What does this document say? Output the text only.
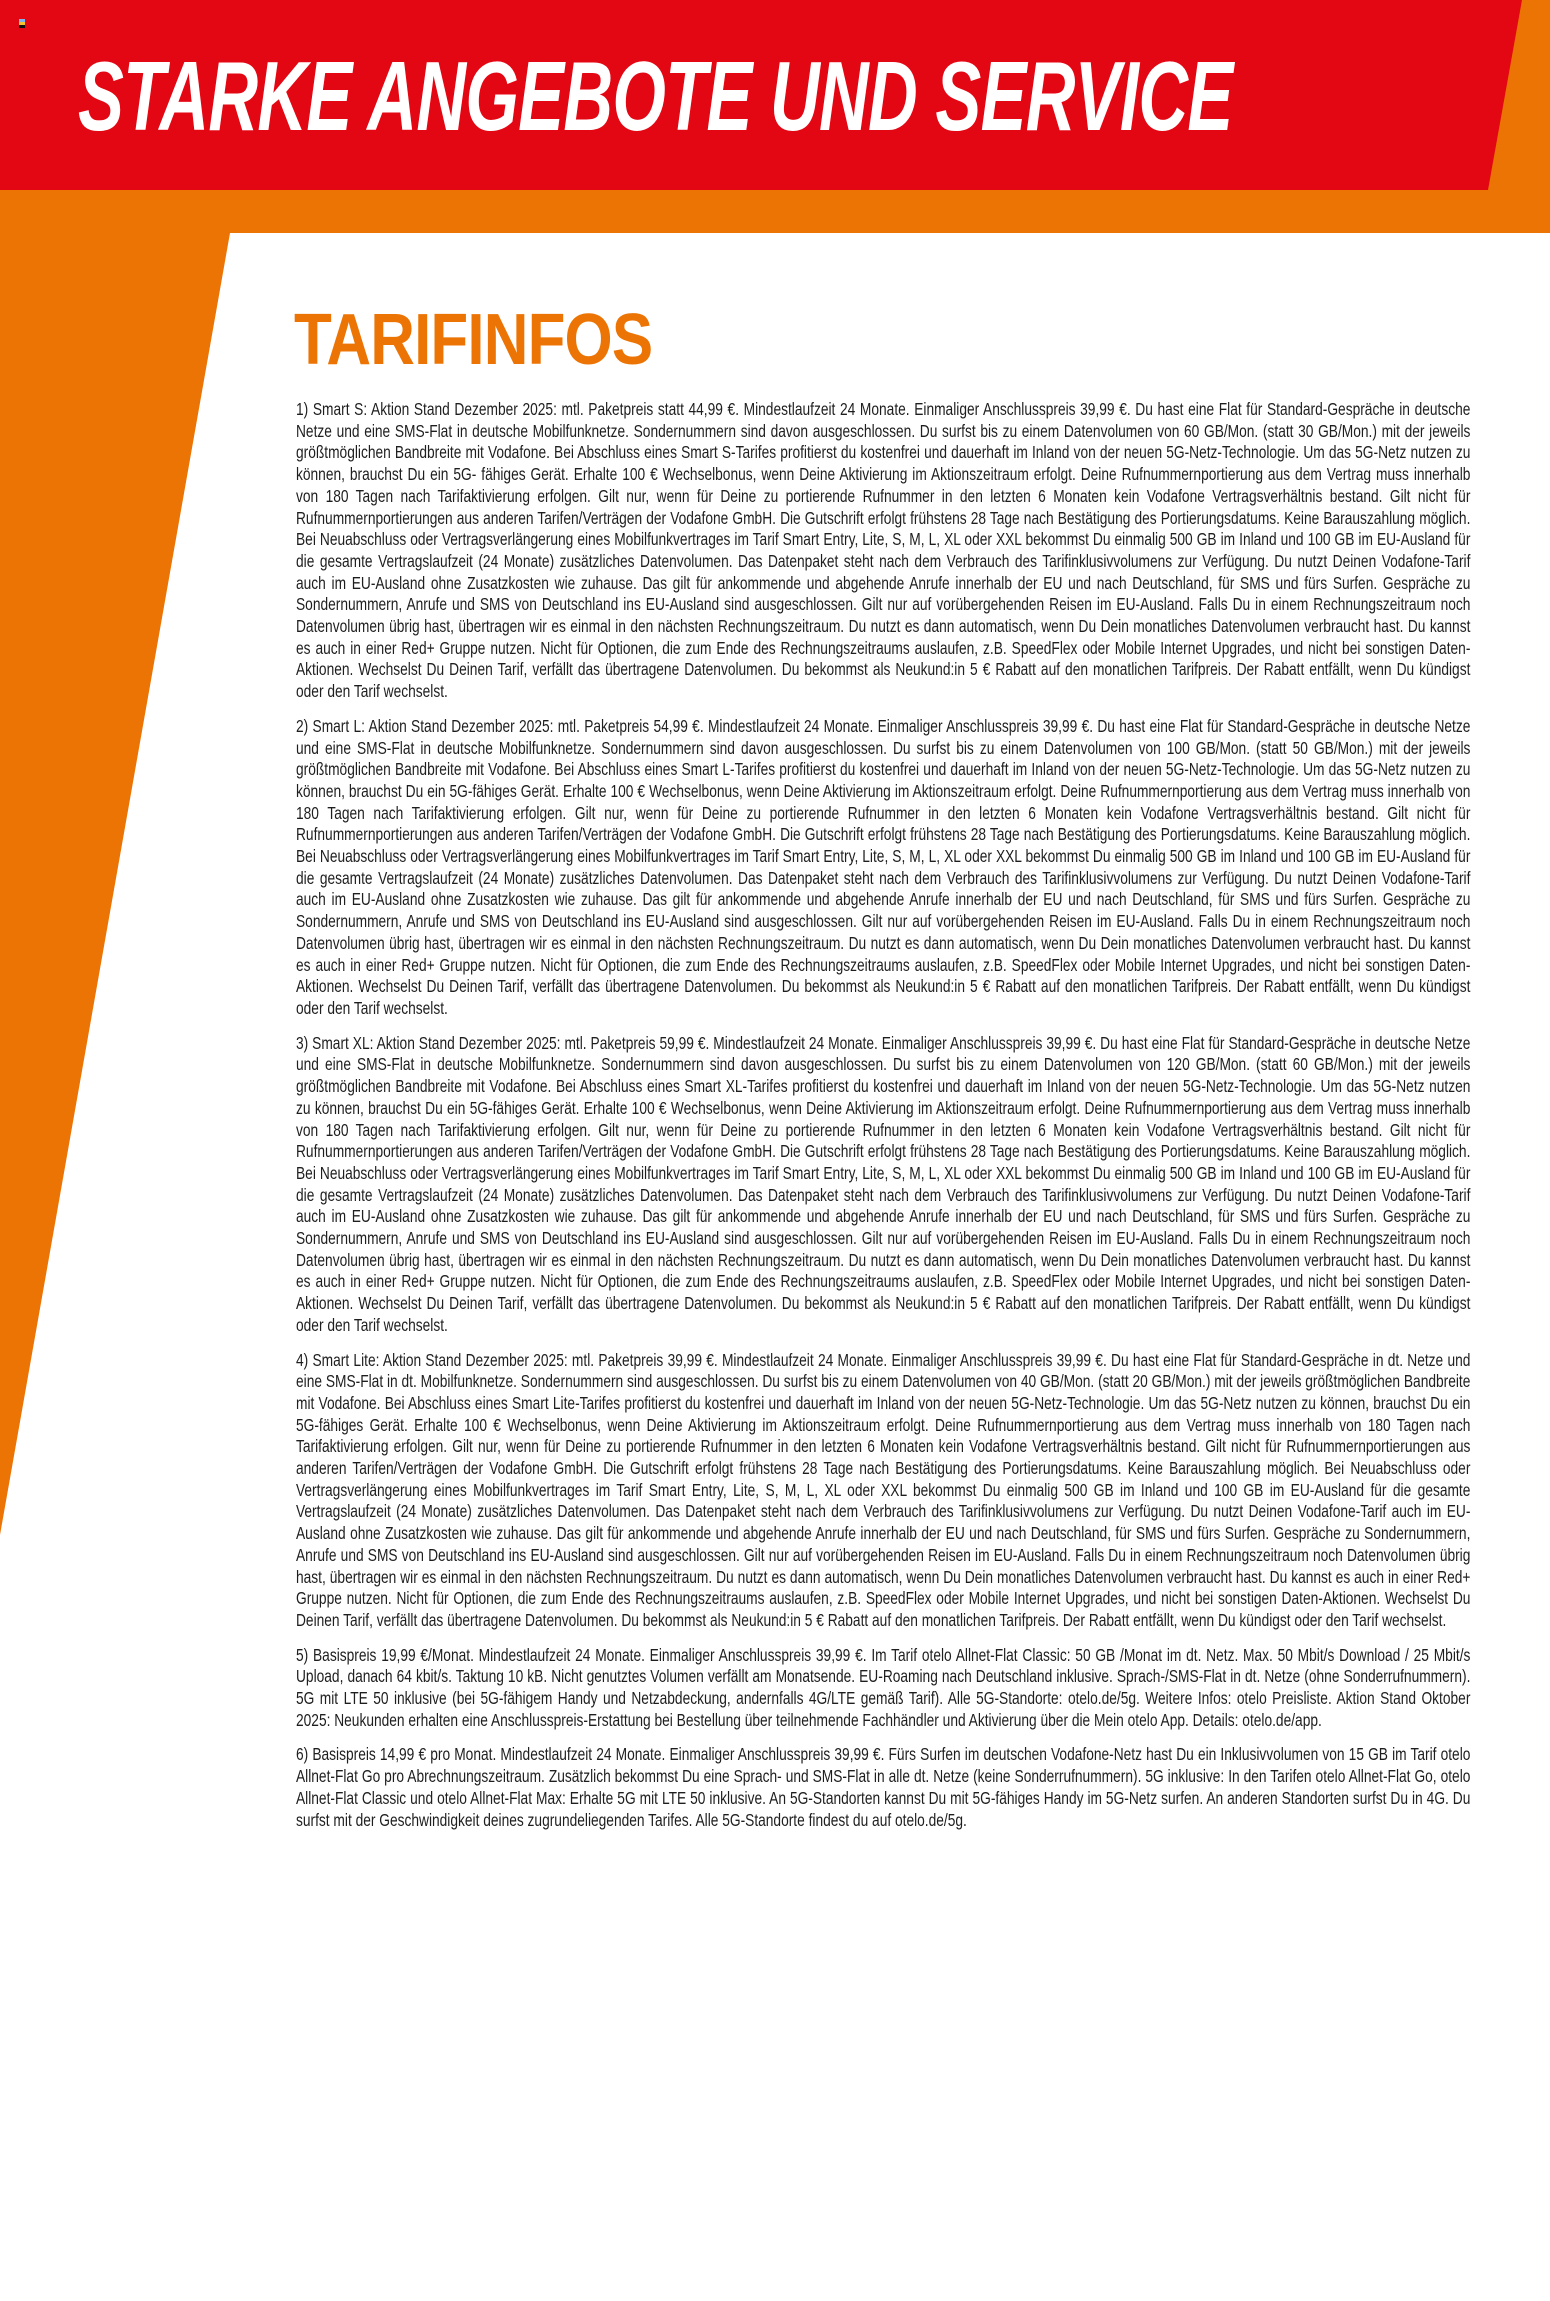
STARKE ANGEBOTE UND SERVICE
TARIFINFOS

1) Smart S: Aktion Stand Dezember 2025: mtl. Paketpreis statt 44,99 €. Mindestlaufzeit 24 Monate. Einmaliger Anschlusspreis 39,99 €. Du hast eine Flat für Standard-Gespräche in deutsche Netze und eine SMS-Flat in deutsche Mobilfunknetze. Sondernummern sind davon ausgeschlossen. Du surfst bis zu einem Datenvolumen von 60 GB/Mon. (statt 30 GB/Mon.) mit der jeweils größtmöglichen Bandbreite mit Vodafone. Bei Abschluss eines Smart S-Tarifes profitierst du kostenfrei und dauerhaft im Inland von der neuen 5G-Netz-Technologie. Um das 5G-Netz nutzen zu können, brauchst Du ein 5G- fähiges Gerät. Erhalte 100 € Wechselbonus, wenn Deine Aktivierung im Aktionszeitraum erfolgt. Deine Rufnummernportierung aus dem Vertrag muss innerhalb von 180 Tagen nach Tarifaktivierung erfolgen. Gilt nur, wenn für Deine zu portierende Rufnummer in den letzten 6 Monaten kein Vodafone Vertragsverhältnis bestand. Gilt nicht für Rufnummernportierungen aus anderen Tarifen/Verträgen der Vodafone GmbH. Die Gutschrift erfolgt frühstens 28 Tage nach Bestätigung des Portierungsdatums. Keine Barauszahlung möglich. Bei Neuabschluss oder Vertragsverlängerung eines Mobilfunkvertrages im Tarif Smart Entry, Lite, S, M, L, XL oder XXL bekommst Du einmalig 500 GB im Inland und 100 GB im EU-Ausland für die gesamte Vertragslaufzeit (24 Monate) zusätzliches Datenvolumen. Das Datenpaket steht nach dem Verbrauch des Tarifinklusivvolumens zur Verfügung. Du nutzt Deinen Vodafone-Tarif auch im EU-Ausland ohne Zusatzkosten wie zuhause. Das gilt für ankommende und abgehende Anrufe innerhalb der EU und nach Deutschland, für SMS und fürs Surfen. Gespräche zu Sondernummern, Anrufe und SMS von Deutschland ins EU-Ausland sind ausgeschlossen. Gilt nur auf vorübergehenden Reisen im EU-Ausland. Falls Du in einem Rechnungszeitraum noch Datenvolumen übrig hast, übertragen wir es einmal in den nächsten Rechnungszeitraum. Du nutzt es dann automatisch, wenn Du Dein monatliches Datenvolumen verbraucht hast. Du kannst es auch in einer Red+ Gruppe nutzen. Nicht für Optionen, die zum Ende des Rechnungszeitraums auslaufen, z.B. SpeedFlex oder Mobile Internet Upgrades, und nicht bei sonstigen Daten-Aktionen. Wechselst Du Deinen Tarif, verfällt das übertragene Datenvolumen. Du bekommst als Neukund:in 5 € Rabatt auf den monatlichen Tarifpreis. Der Rabatt entfällt, wenn Du kündigst oder den Tarif wechselst.

2) Smart L: Aktion Stand Dezember 2025: mtl. Paketpreis 54,99 €. Mindestlaufzeit 24 Monate. Einmaliger Anschlusspreis 39,99 €. Du hast eine Flat für Standard-Gespräche in deutsche Netze und eine SMS-Flat in deutsche Mobilfunknetze. Sondernummern sind davon ausgeschlossen. Du surfst bis zu einem Datenvolumen von 100 GB/Mon. (statt 50 GB/Mon.) mit der jeweils größtmöglichen Bandbreite mit Vodafone. Bei Abschluss eines Smart L-Tarifes profitierst du kostenfrei und dauerhaft im Inland von der neuen 5G-Netz-Technologie. Um das 5G-Netz nutzen zu können, brauchst Du ein 5G-fähiges Gerät. Erhalte 100 € Wechselbonus, wenn Deine Aktivierung im Aktionszeitraum erfolgt. Deine Rufnummernportierung aus dem Vertrag muss innerhalb von 180 Tagen nach Tarifaktivierung erfolgen. Gilt nur, wenn für Deine zu portierende Rufnummer in den letzten 6 Monaten kein Vodafone Vertragsverhältnis bestand. Gilt nicht für Rufnummernportierungen aus anderen Tarifen/Verträgen der Vodafone GmbH. Die Gutschrift erfolgt frühstens 28 Tage nach Bestätigung des Portierungsdatums. Keine Barauszahlung möglich. Bei Neuabschluss oder Vertragsverlängerung eines Mobilfunkvertrages im Tarif Smart Entry, Lite, S, M, L, XL oder XXL bekommst Du einmalig 500 GB im Inland und 100 GB im EU-Ausland für die gesamte Vertragslaufzeit (24 Monate) zusätzliches Datenvolumen. Das Datenpaket steht nach dem Verbrauch des Tarifinklusivvolumens zur Verfügung. Du nutzt Deinen Vodafone-Tarif auch im EU-Ausland ohne Zusatzkosten wie zuhause. Das gilt für ankommende und abgehende Anrufe innerhalb der EU und nach Deutschland, für SMS und fürs Surfen. Gespräche zu Sondernummern, Anrufe und SMS von Deutschland ins EU-Ausland sind ausgeschlossen. Gilt nur auf vorübergehenden Reisen im EU-Ausland. Falls Du in einem Rechnungszeitraum noch Datenvolumen übrig hast, übertragen wir es einmal in den nächsten Rechnungszeitraum. Du nutzt es dann automatisch, wenn Du Dein monatliches Datenvolumen verbraucht hast. Du kannst es auch in einer Red+ Gruppe nutzen. Nicht für Optionen, die zum Ende des Rechnungszeitraums auslaufen, z.B. SpeedFlex oder Mobile Internet Upgrades, und nicht bei sonstigen Daten-Aktionen. Wechselst Du Deinen Tarif, verfällt das übertragene Datenvolumen. Du bekommst als Neukund:in 5 € Rabatt auf den monatlichen Tarifpreis. Der Rabatt entfällt, wenn Du kündigst oder den Tarif wechselst.

3) Smart XL: Aktion Stand Dezember 2025: mtl. Paketpreis 59,99 €. Mindestlaufzeit 24 Monate. Einmaliger Anschlusspreis 39,99 €. Du hast eine Flat für Standard-Gespräche in deutsche Netze und eine SMS-Flat in deutsche Mobilfunknetze. Sondernummern sind davon ausgeschlossen. Du surfst bis zu einem Datenvolumen von 120 GB/Mon. (statt 60 GB/Mon.) mit der jeweils größtmöglichen Bandbreite mit Vodafone. Bei Abschluss eines Smart XL-Tarifes profitierst du kostenfrei und dauerhaft im Inland von der neuen 5G-Netz-Technologie. Um das 5G-Netz nutzen zu können, brauchst Du ein 5G-fähiges Gerät. Erhalte 100 € Wechselbonus, wenn Deine Aktivierung im Aktionszeitraum erfolgt. Deine Rufnummernportierung aus dem Vertrag muss innerhalb von 180 Tagen nach Tarifaktivierung erfolgen. Gilt nur, wenn für Deine zu portierende Rufnummer in den letzten 6 Monaten kein Vodafone Vertragsverhältnis bestand. Gilt nicht für Rufnummernportierungen aus anderen Tarifen/Verträgen der Vodafone GmbH. Die Gutschrift erfolgt frühstens 28 Tage nach Bestätigung des Portierungsdatums. Keine Barauszahlung möglich. Bei Neuabschluss oder Vertragsverlängerung eines Mobilfunkvertrages im Tarif Smart Entry, Lite, S, M, L, XL oder XXL bekommst Du einmalig 500 GB im Inland und 100 GB im EU-Ausland für die gesamte Vertragslaufzeit (24 Monate) zusätzliches Datenvolumen. Das Datenpaket steht nach dem Verbrauch des Tarifinklusivvolumens zur Verfügung. Du nutzt Deinen Vodafone-Tarif auch im EU-Ausland ohne Zusatzkosten wie zuhause. Das gilt für ankommende und abgehende Anrufe innerhalb der EU und nach Deutschland, für SMS und fürs Surfen. Gespräche zu Sondernummern, Anrufe und SMS von Deutschland ins EU-Ausland sind ausgeschlossen. Gilt nur auf vorübergehenden Reisen im EU-Ausland. Falls Du in einem Rechnungszeitraum noch Datenvolumen übrig hast, übertragen wir es einmal in den nächsten Rechnungszeitraum. Du nutzt es dann automatisch, wenn Du Dein monatliches Datenvolumen verbraucht hast. Du kannst es auch in einer Red+ Gruppe nutzen. Nicht für Optionen, die zum Ende des Rechnungszeitraums auslaufen, z.B. SpeedFlex oder Mobile Internet Upgrades, und nicht bei sonstigen Daten-Aktionen. Wechselst Du Deinen Tarif, verfällt das übertragene Datenvolumen. Du bekommst als Neukund:in 5 € Rabatt auf den monatlichen Tarifpreis. Der Rabatt entfällt, wenn Du kündigst oder den Tarif wechselst.

4) Smart Lite: Aktion Stand Dezember 2025: mtl. Paketpreis 39,99 €. Mindestlaufzeit 24 Monate. Einmaliger Anschlusspreis 39,99 €. Du hast eine Flat für Standard-Gespräche in dt. Netze und eine SMS-Flat in dt. Mobilfunknetze. Sondernummern sind ausgeschlossen. Du surfst bis zu einem Datenvolumen von 40 GB/Mon. (statt 20 GB/Mon.) mit der jeweils größtmöglichen Bandbreite mit Vodafone. Bei Abschluss eines Smart Lite-Tarifes profitierst du kostenfrei und dauerhaft im Inland von der neuen 5G-Netz-Technologie. Um das 5G-Netz nutzen zu können, brauchst Du ein 5G-fähiges Gerät. Erhalte 100 € Wechselbonus, wenn Deine Aktivierung im Aktionszeitraum erfolgt. Deine Rufnummernportierung aus dem Vertrag muss innerhalb von 180 Tagen nach Tarifaktivierung erfolgen. Gilt nur, wenn für Deine zu portierende Rufnummer in den letzten 6 Monaten kein Vodafone Vertragsverhältnis bestand. Gilt nicht für Rufnummernportierungen aus anderen Tarifen/Verträgen der Vodafone GmbH. Die Gutschrift erfolgt frühstens 28 Tage nach Bestätigung des Portierungsdatums. Keine Barauszahlung möglich. Bei Neuabschluss oder Vertragsverlängerung eines Mobilfunkvertrages im Tarif Smart Entry, Lite, S, M, L, XL oder XXL bekommst Du einmalig 500 GB im Inland und 100 GB im EU-Ausland für die gesamte Vertragslaufzeit (24 Monate) zusätzliches Datenvolumen. Das Datenpaket steht nach dem Verbrauch des Tarifinklusivvolumens zur Verfügung. Du nutzt Deinen Vodafone-Tarif auch im EU-Ausland ohne Zusatzkosten wie zuhause. Das gilt für ankommende und abgehende Anrufe innerhalb der EU und nach Deutschland, für SMS und fürs Surfen. Gespräche zu Sondernummern, Anrufe und SMS von Deutschland ins EU-Ausland sind ausgeschlossen. Gilt nur auf vorübergehenden Reisen im EU-Ausland. Falls Du in einem Rechnungszeitraum noch Datenvolumen übrig hast, übertragen wir es einmal in den nächsten Rechnungszeitraum. Du nutzt es dann automatisch, wenn Du Dein monatliches Datenvolumen verbraucht hast. Du kannst es auch in einer Red+ Gruppe nutzen. Nicht für Optionen, die zum Ende des Rechnungszeitraums auslaufen, z.B. SpeedFlex oder Mobile Internet Upgrades, und nicht bei sonstigen Daten-Aktionen. Wechselst Du Deinen Tarif, verfällt das übertragene Datenvolumen. Du bekommst als Neukund:in 5 € Rabatt auf den monatlichen Tarifpreis. Der Rabatt entfällt, wenn Du kündigst oder den Tarif wechselst.

5) Basispreis 19,99 €/Monat. Mindestlaufzeit 24 Monate. Einmaliger Anschlusspreis 39,99 €. Im Tarif otelo Allnet-Flat Classic: 50 GB /Monat im dt. Netz. Max. 50 Mbit/s Download / 25 Mbit/s Upload, danach 64 kbit/s. Taktung 10 kB. Nicht genutztes Volumen verfällt am Monatsende. EU-Roaming nach Deutschland inklusive. Sprach-/SMS-Flat in dt. Netze (ohne Sonderrufnummern). 5G mit LTE 50 inklusive (bei 5G-fähigem Handy und Netzabdeckung, andernfalls 4G/LTE gemäß Tarif). Alle 5G-Standorte: otelo.de/5g. Weitere Infos: otelo Preisliste. Aktion Stand Oktober 2025: Neukunden erhalten eine Anschlusspreis-Erstattung bei Bestellung über teilnehmende Fachhändler und Aktivierung über die Mein otelo App. Details: otelo.de/app.

6) Basispreis 14,99 € pro Monat. Mindestlaufzeit 24 Monate. Einmaliger Anschlusspreis 39,99 €. Fürs Surfen im deutschen Vodafone-Netz hast Du ein Inklusivvolumen von 15 GB im Tarif otelo Allnet-Flat Go pro Abrechnungszeitraum. Zusätzlich bekommst Du eine Sprach- und SMS-Flat in alle dt. Netze (keine Sonderrufnummern). 5G inklusive: In den Tarifen otelo Allnet-Flat Go, otelo Allnet-Flat Classic und otelo Allnet-Flat Max: Erhalte 5G mit LTE 50 inklusive. An 5G-Standorten kannst Du mit 5G-fähiges Handy im 5G-Netz surfen. An anderen Standorten surfst Du in 4G. Du surfst mit der Geschwindigkeit deines zugrundeliegenden Tarifes. Alle 5G-Standorte findest du auf otelo.de/5g.
